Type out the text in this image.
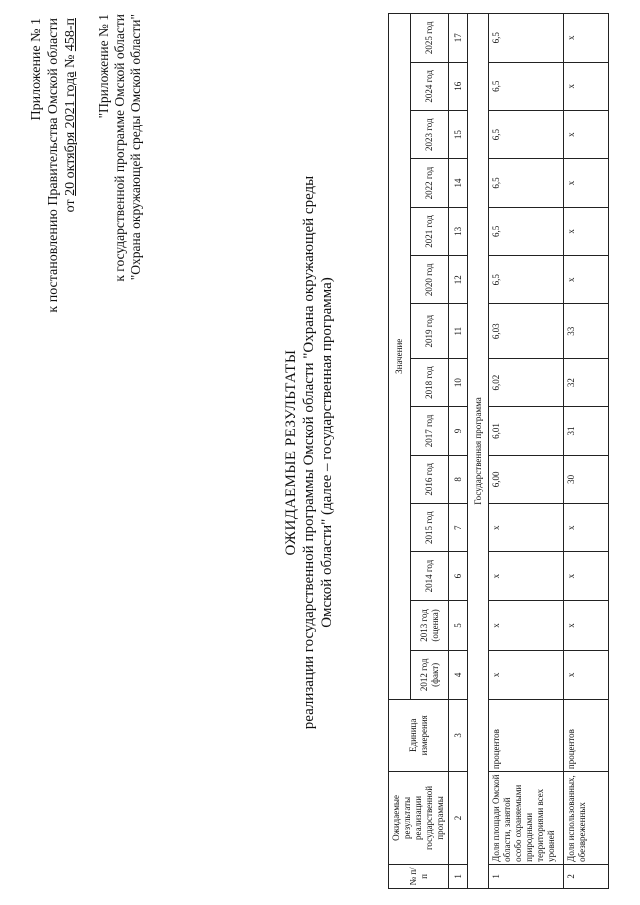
Приложение № 1 к постановлению Правительства Омской области от 20 октября 2021 года № 458-п "Приложение № 1 к государственной программе Омской области "Охрана окружающей среды Омской области"
ОЖИДАЕМЫЕ РЕЗУЛЬТАТЫ реализации государственной программы Омской области "Охрана окружающей среды Омской области" (далее – государственная программа)
№ п/п	Ожидаемые результаты реализации государственной программы	Единица измерения	Значение													
			2012 год (факт)	2013 год (оценка)	2014 год	2015 год	2016 год	2017 год	2018 год	2019 год	2020 год	2021 год	2022 год	2023 год	2024 год	2025 год
1	2	3	4	5	6	7	8	9	10	11	12	13	14	15	16	17
Государственная программа																
1	Доля площади Омской области, занятой особо охраняемыми природными территориями всех уровней	процентов	x	x	x	x	6,00	6,01	6,02	6,03	6,5	6,5	6,5	6,5	6,5	6,5
2	Доля использованных, обезвреженных	процентов	x	x	x	x	30	31	32	33	x	x	x	x	x	x
